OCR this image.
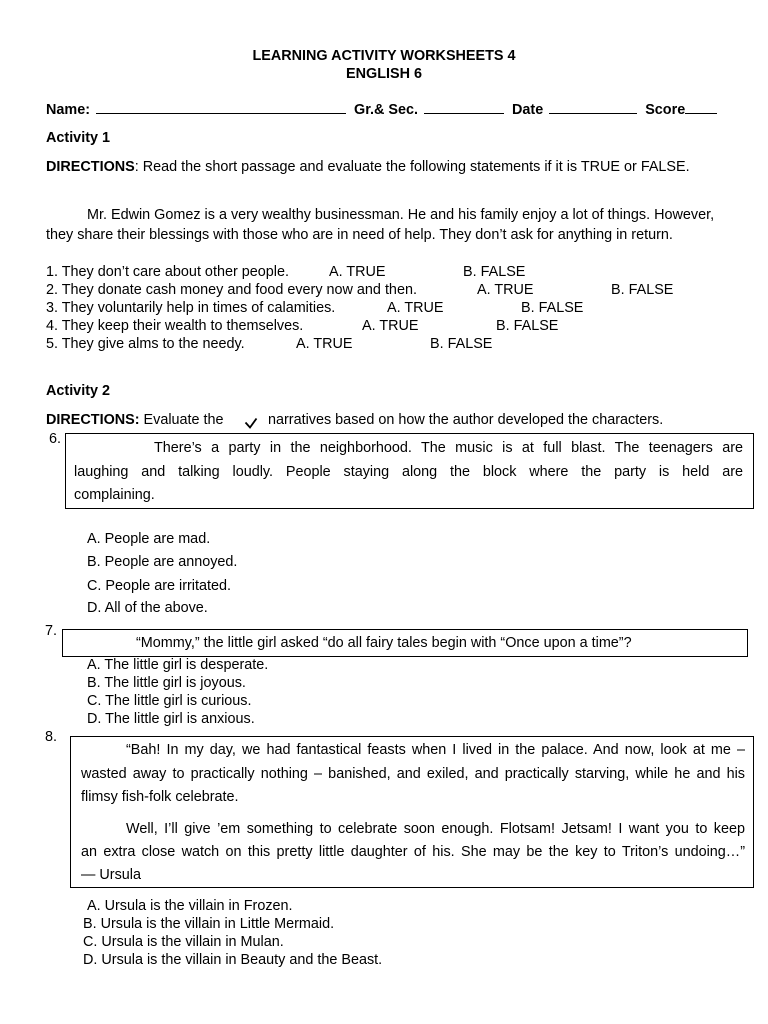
LEARNING ACTIVITY WORKSHEETS 4
ENGLISH 6
Name:	Gr.& Sec.	Date	Score
Activity 1
DIRECTIONS: Read the short passage and evaluate the following statements if it is TRUE or FALSE.
Mr. Edwin Gomez is a very wealthy businessman. He and his family enjoy a lot of things. However,
they share their blessings with those who are in need of help. They don’t ask for anything in return.
1. They don’t care about other people.	A. TRUE	B. FALSE
2. They donate cash money and food every now and then.	A. TRUE	B. FALSE
3. They voluntarily help in times of calamities.	A. TRUE	B. FALSE
4. They keep their wealth to themselves.	A. TRUE	B. FALSE
5. They give alms to the needy.	A. TRUE	B. FALSE
Activity 2
DIRECTIONS: Evaluate the	narratives based on how the author developed the characters.
6.

There’s a party in the neighborhood. The music is at full blast. The teenagers are

laughing and talking loudly. People staying along the block where the party is held are

complaining.

A. People are mad.
B. People are annoyed.
C. People are irritated.
D. All of the above.
7.
“Mommy,” the little girl asked “do all fairy tales begin with “Once upon a time”?
A. The little girl is desperate.
B. The little girl is joyous.
C. The little girl is curious.
D. The little girl is anxious.
8.

“Bah! In my day, we had fantastical feasts when I lived in the palace. And now, look at me –

wasted away to practically nothing – banished, and exiled, and practically starving, while he and his

flimsy fish-folk celebrate.

Well, I’ll give ’em something to celebrate soon enough. Flotsam! Jetsam! I want you to keep

an extra close watch on this pretty little daughter of his. She may be the key to Triton’s undoing…”

— Ursula

A. Ursula is the villain in Frozen.
B. Ursula is the villain in Little Mermaid.
C. Ursula is the villain in Mulan.
D. Ursula is the villain in Beauty and the Beast.
